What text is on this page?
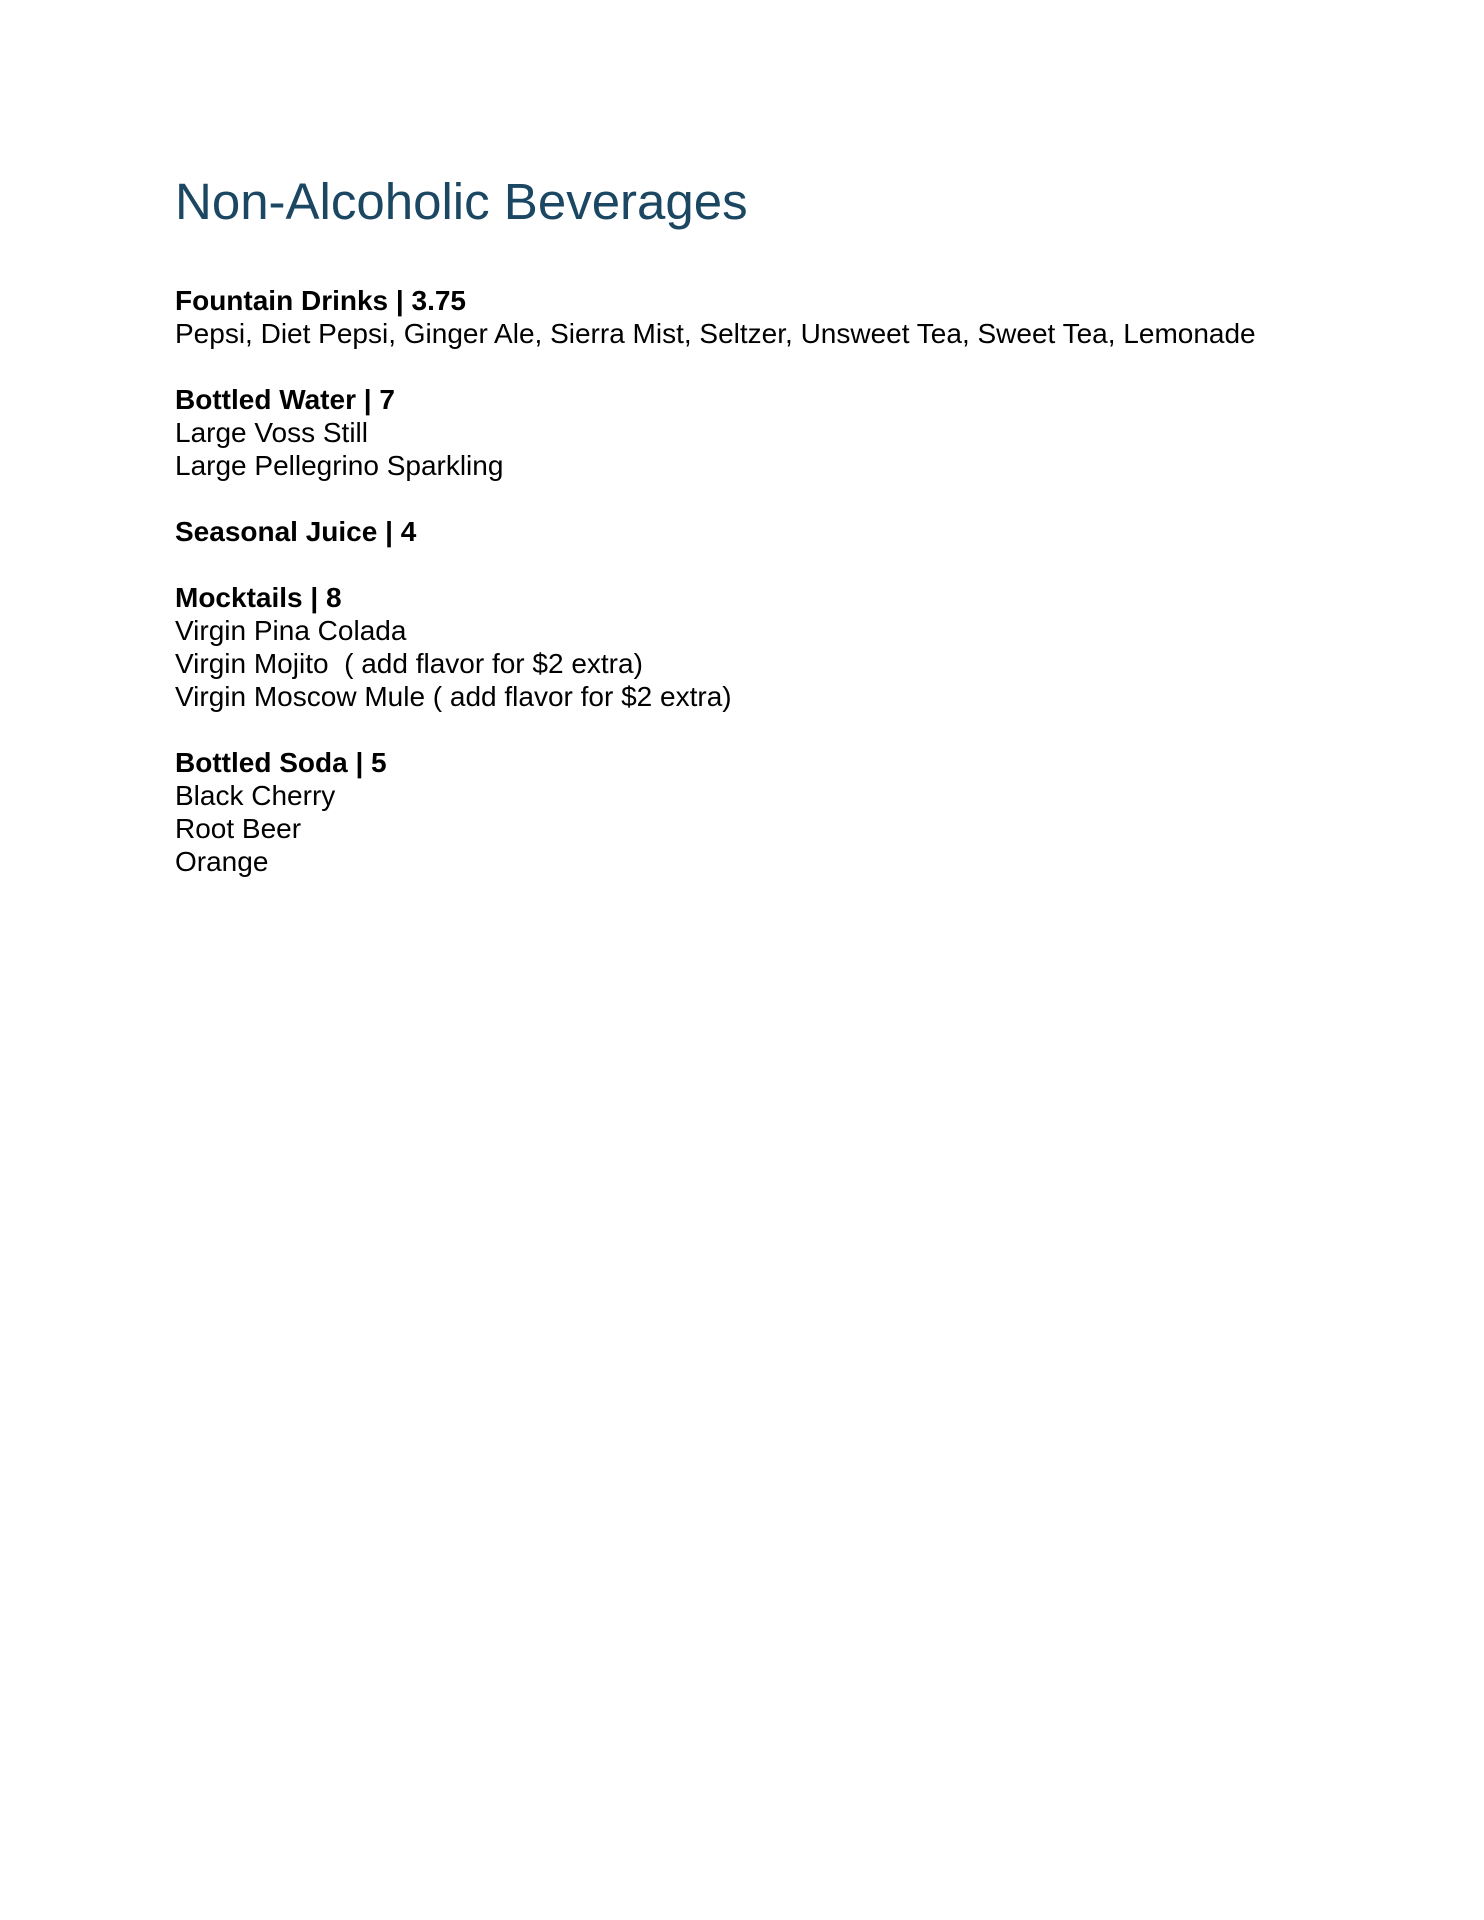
Non-Alcoholic Beverages

Fountain Drinks | 3.75

Pepsi, Diet Pepsi, Ginger Ale, Sierra Mist, Seltzer, Unsweet Tea, Sweet Tea, Lemonade

Bottled Water | 7

Large Voss Still

Large Pellegrino Sparkling

Seasonal Juice | 4

Mocktails | 8

Virgin Pina Colada

Virgin Mojito  ( add flavor for $2 extra)

Virgin Moscow Mule ( add flavor for $2 extra)

Bottled Soda | 5

Black Cherry

Root Beer

Orange
